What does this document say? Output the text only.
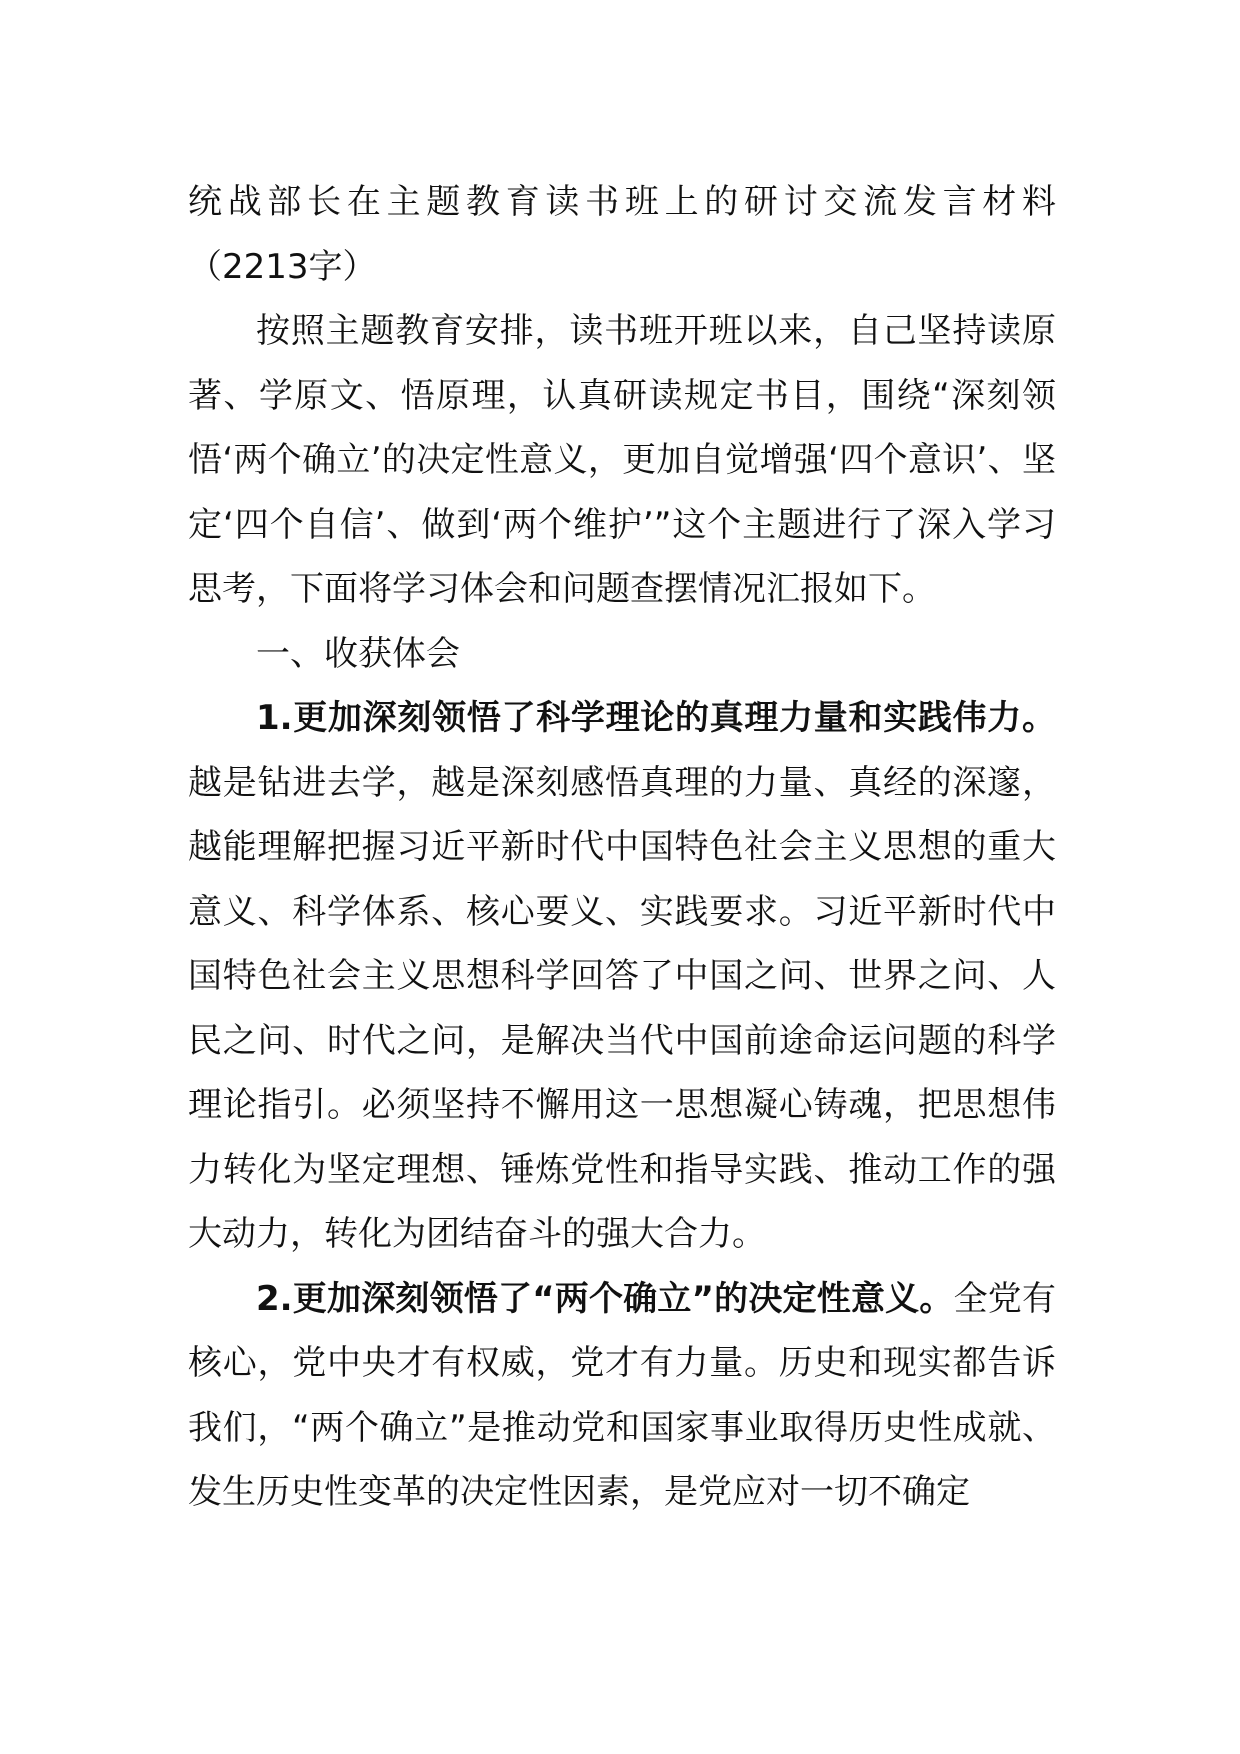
统战部长在主题教育读书班上的研讨交流发言材料（2213字）

按照主题教育安排，读书班开班以来，自己坚持读原著、学原文、悟原理，认真研读规定书目，围绕“深刻领悟‘两个确立’的决定性意义，更加自觉增强‘四个意识’、坚定‘四个自信’、做到‘两个维护’”这个主题进行了深入学习思考，下面将学习体会和问题查摆情况汇报如下。

一、收获体会

1.更加深刻领悟了科学理论的真理力量和实践伟力。越是钻进去学，越是深刻感悟真理的力量、真经的深邃，越能理解把握习近平新时代中国特色社会主义思想的重大意义、科学体系、核心要义、实践要求。习近平新时代中国特色社会主义思想科学回答了中国之问、世界之问、人民之问、时代之问，是解决当代中国前途命运问题的科学理论指引。必须坚持不懈用这一思想凝心铸魂，把思想伟力转化为坚定理想、锤炼党性和指导实践、推动工作的强大动力，转化为团结奋斗的强大合力。

2.更加深刻领悟了“两个确立”的决定性意义。全党有核心，党中央才有权威，党才有力量。历史和现实都告诉我们，“两个确立”是推动党和国家事业取得历史性成就、发生历史性变革的决定性因素，是党应对一切不确定
